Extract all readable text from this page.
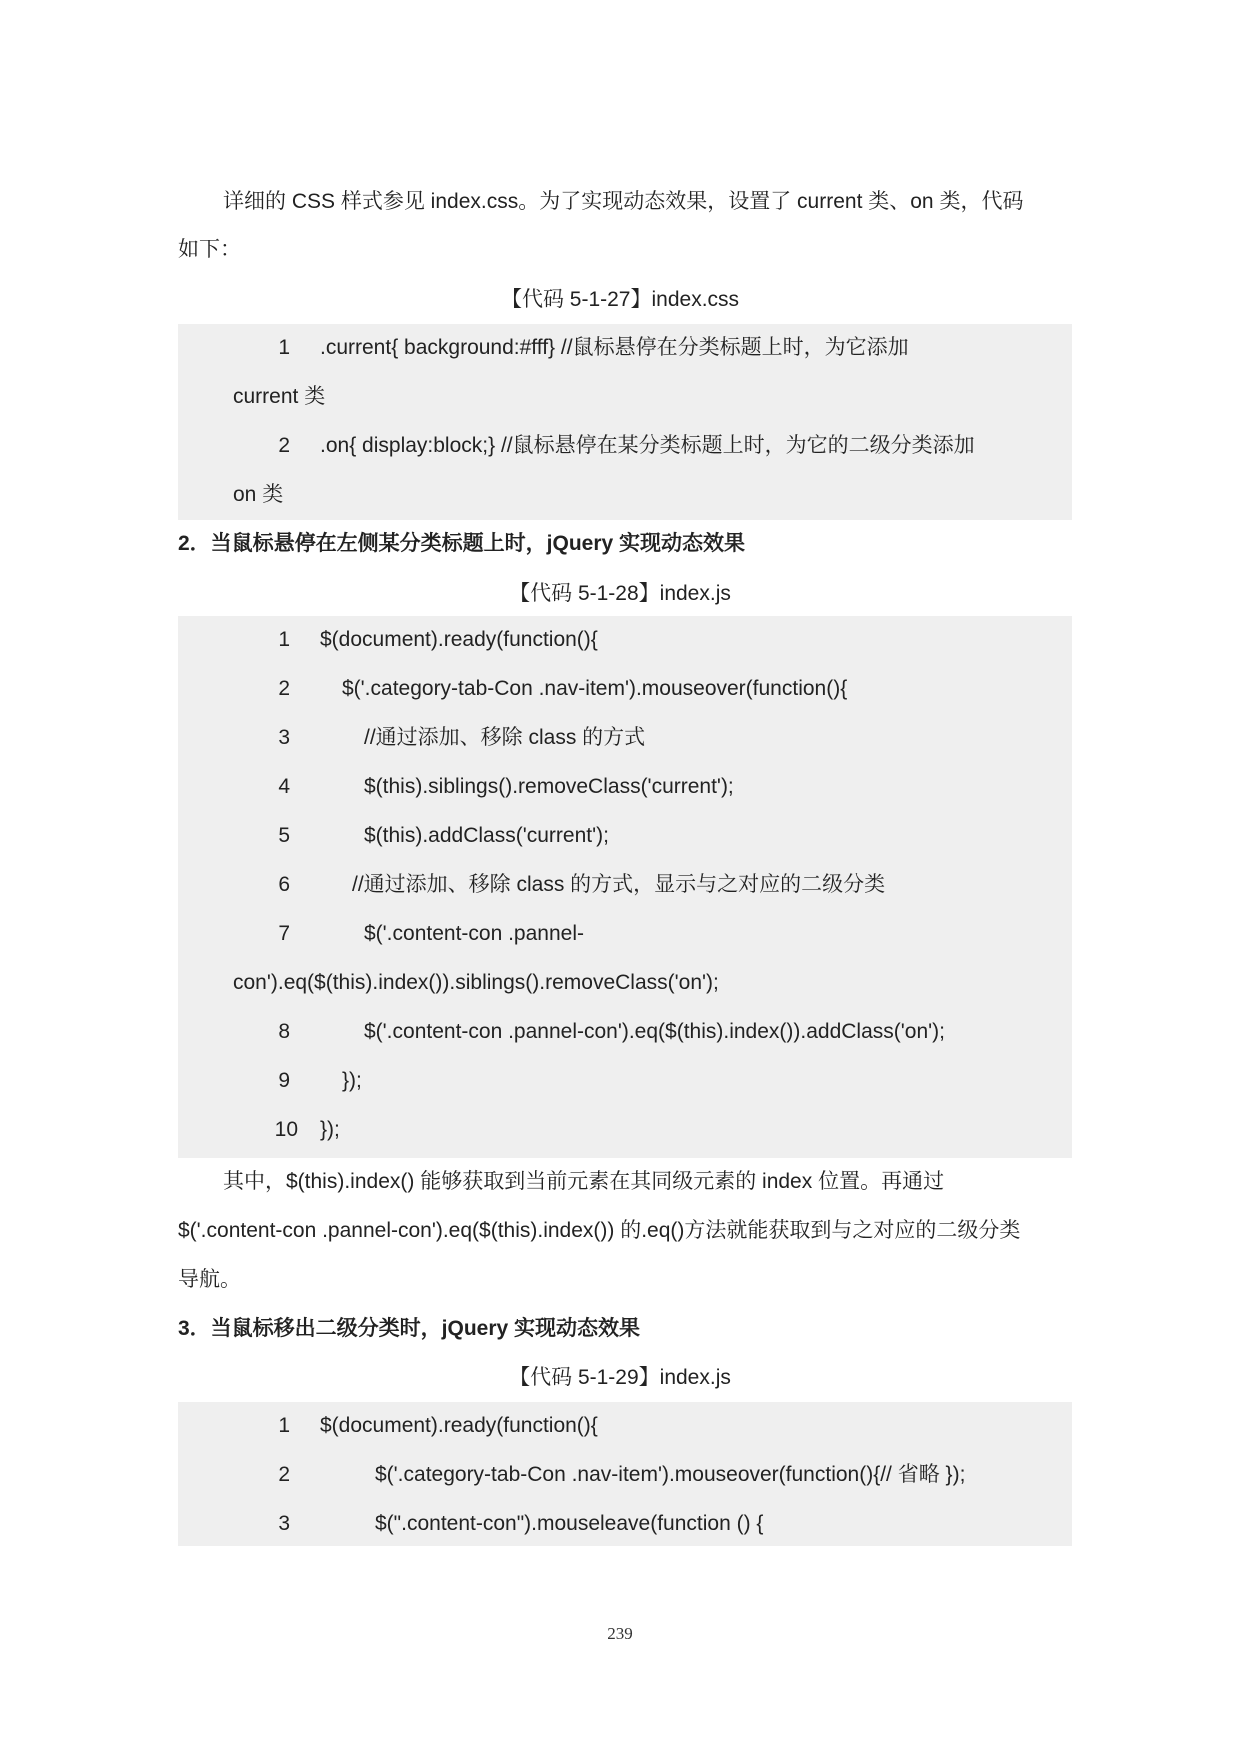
详细的 CSS 样式参见 index.css。为了实现动态效果，设置了 current 类、on 类，代码
如下：
【代码 5-1-27】index.css
1 .current{ background:#fff} //鼠标悬停在分类标题上时，为它添加
current 类
2 .on{ display:block;} //鼠标悬停在某分类标题上时，为它的二级分类添加
on 类
2．当鼠标悬停在左侧某分类标题上时，jQuery 实现动态效果
【代码 5-1-28】index.js
1 $(document).ready(function(){
2 $('.category-tab-Con .nav-item').mouseover(function(){
3	//通过添加、移除 class 的方式
4	$(this).siblings().removeClass('current');
5	$(this).addClass('current');
6	//通过添加、移除 class 的方式，显示与之对应的二级分类
7	$('.content-con .pannel-
con').eq($(this).index()).siblings().removeClass('on');
8	$('.content-con .pannel-con').eq($(this).index()).addClass('on');
9 });
10 });
其中，$(this).index() 能够获取到当前元素在其同级元素的 index 位置。再通过
$('.content-con .pannel-con').eq($(this).index()) 的.eq()方法就能获取到与之对应的二级分类
导航。
3．当鼠标移出二级分类时，jQuery 实现动态效果
【代码 5-1-29】index.js
1 $(document).ready(function(){
2	$('.category-tab-Con .nav-item').mouseover(function(){// 省略 });
3	$(".content-con").mouseleave(function () {
239
